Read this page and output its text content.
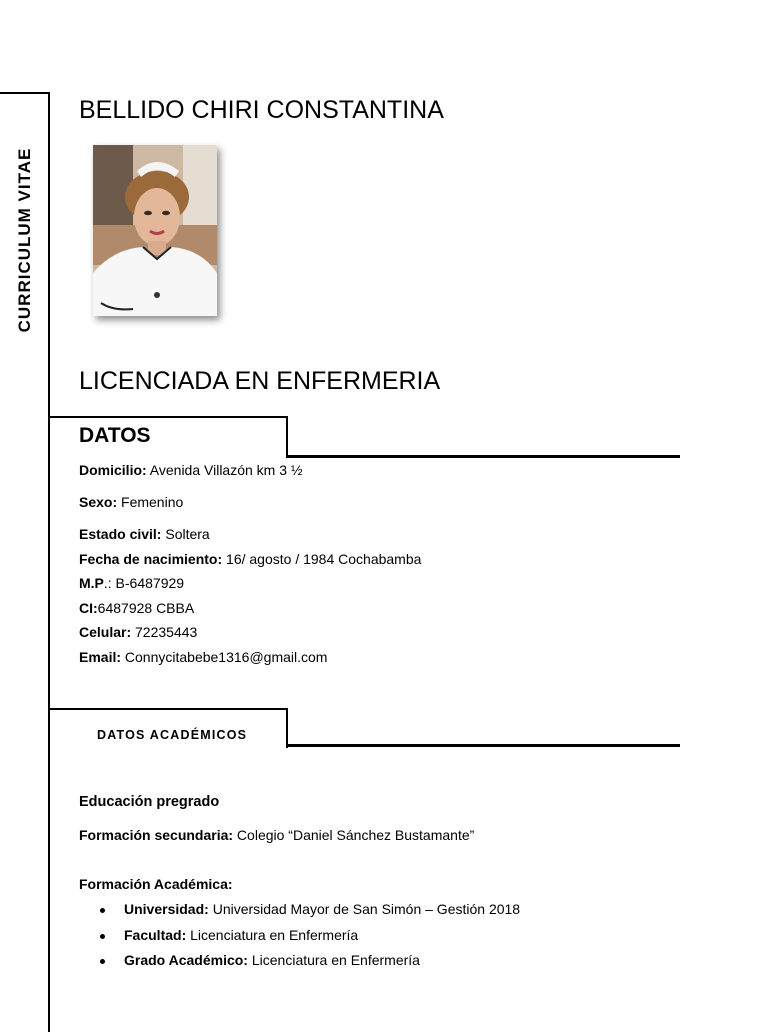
CURRICULUM VITAE
BELLIDO CHIRI CONSTANTINA
LICENCIADA EN ENFERMERIA
DATOS
Domicilio: Avenida Villazón km 3 ½
Sexo: Femenino
Estado civil: Soltera
Fecha de nacimiento: 16/ agosto / 1984 Cochabamba
M.P.: B-6487929
CI:6487928 CBBA
Celular: 72235443
Email: Connycitabebe1316@gmail.com
DATOS ACADÉMICOS
Educación pregrado
Formación secundaria: Colegio “Daniel Sánchez Bustamante”
Formación Académica:
Universidad: Universidad Mayor de San Simón – Gestión 2018
Facultad: Licenciatura en Enfermería
Grado Académico: Licenciatura en Enfermería
